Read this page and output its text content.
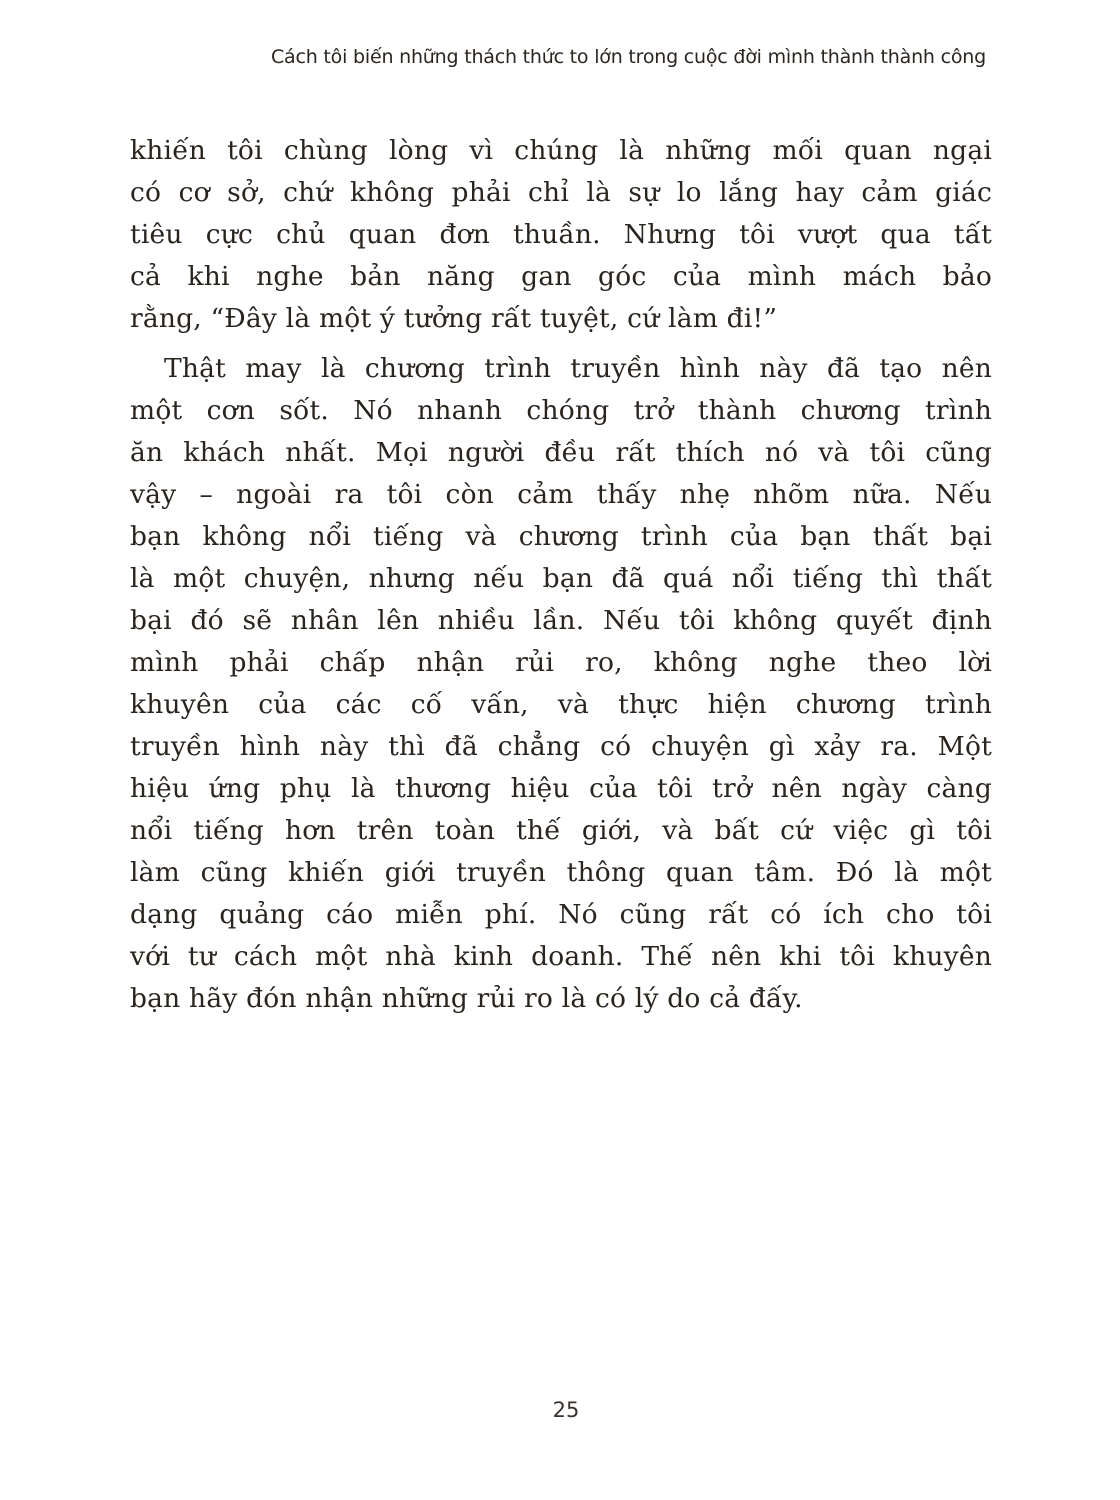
Cách tôi biến những thách thức to lớn trong cuộc đời mình thành thành công
khiến tôi chùng lòng vì chúng là những mối quan ngại
có cơ sở, chứ không phải chỉ là sự lo lắng hay cảm giác
tiêu cực chủ quan đơn thuần. Nhưng tôi vượt qua tất
cả khi nghe bản năng gan góc của mình mách bảo
rằng, “Đây là một ý tưởng rất tuyệt, cứ làm đi!”
Thật may là chương trình truyền hình này đã tạo nên
một cơn sốt. Nó nhanh chóng trở thành chương trình
ăn khách nhất. Mọi người đều rất thích nó và tôi cũng
vậy – ngoài ra tôi còn cảm thấy nhẹ nhõm nữa. Nếu
bạn không nổi tiếng và chương trình của bạn thất bại
là một chuyện, nhưng nếu bạn đã quá nổi tiếng thì thất
bại đó sẽ nhân lên nhiều lần. Nếu tôi không quyết định
mình phải chấp nhận rủi ro, không nghe theo lời
khuyên của các cố vấn, và thực hiện chương trình
truyền hình này thì đã chẳng có chuyện gì xảy ra. Một
hiệu ứng phụ là thương hiệu của tôi trở nên ngày càng
nổi tiếng hơn trên toàn thế giới, và bất cứ việc gì tôi
làm cũng khiến giới truyền thông quan tâm. Đó là một
dạng quảng cáo miễn phí. Nó cũng rất có ích cho tôi
với tư cách một nhà kinh doanh. Thế nên khi tôi khuyên
bạn hãy đón nhận những rủi ro là có lý do cả đấy.
25
